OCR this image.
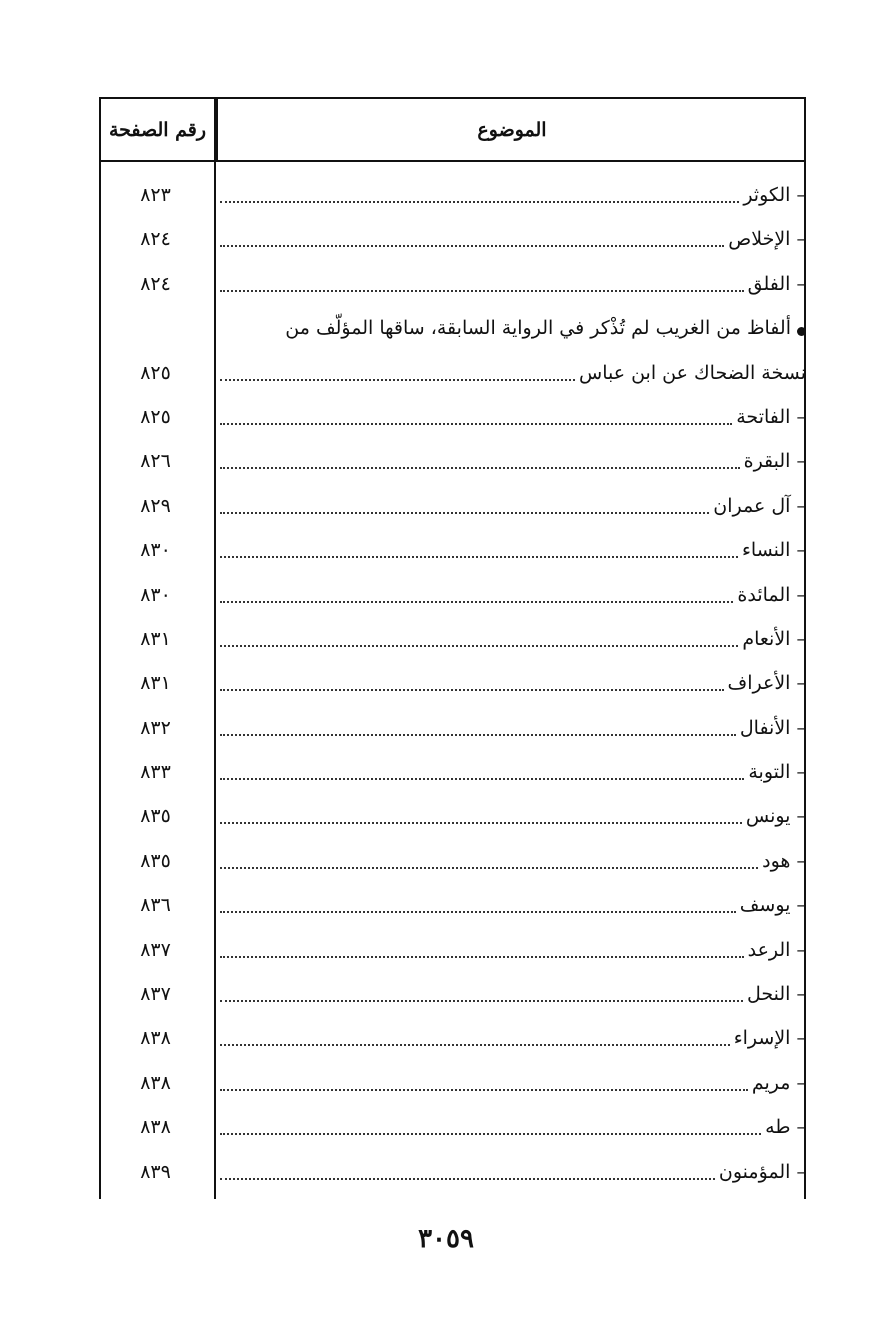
الموضوع
رقم الصفحة
– الكوثر
٨٢٣
– الإخلاص
٨٢٤
– الفلق
٨٢٤
ألفاظ من الغريب لم تُذْكر في الرواية السابقة، ساقها المؤلّف من
نسخة الضحاك عن ابن عباس
٨٢٥
– الفاتحة
٨٢٥
– البقرة
٨٢٦
– آل عمران
٨٢٩
– النساء
٨٣٠
– المائدة
٨٣٠
– الأنعام
٨٣١
– الأعراف
٨٣١
– الأنفال
٨٣٢
– التوبة
٨٣٣
– يونس
٨٣٥
– هود
٨٣٥
– يوسف
٨٣٦
– الرعد
٨٣٧
– النحل
٨٣٧
– الإسراء
٨٣٨
– مريم
٨٣٨
– طه
٨٣٨
– المؤمنون
٨٣٩
٣٠٥٩
